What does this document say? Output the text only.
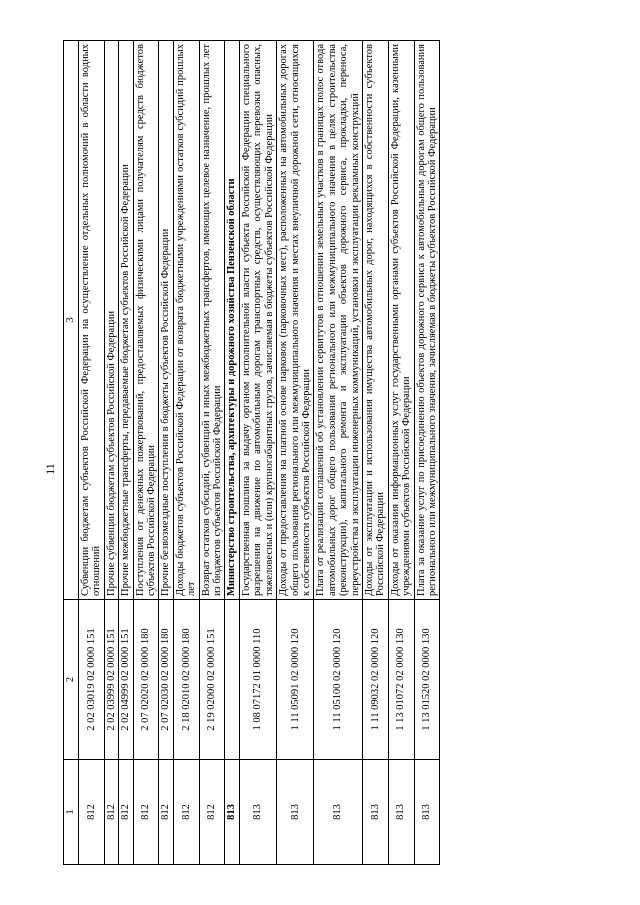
11
1	2	3
812	2 02 03019 02 0000 151	Субвенции бюджетам субъектов Российской Федерации на осуществление отдельных полномочий в области водных отношений
812	2 02 03999 02 0000 151	Прочие субвенции бюджетам субъектов Российской Федерации
812	2 02 04999 02 0000 151	Прочие межбюджетные трансферты, передаваемые бюджетам субъектов Российской Федерации
812	2 07 02020 02 0000 180	Поступления от денежных пожертвований, предоставляемых физическими лицами получателям средств бюджетов субъектов Российской Федерации
812	2 07 02030 02 0000 180	Прочие безвозмездные поступления в бюджеты субъектов Российской Федерации
812	2 18 02010 02 0000 180	Доходы бюджетов субъектов Российской Федерации от возврата бюджетными учреждениями остатков субсидий прошлых лет
812	2 19 02000 02 0000 151	Возврат остатков субсидий, субвенций и иных межбюджетных трансфертов, имеющих целевое назначение, прошлых лет из бюджетов субъектов Российской Федерации
813		Министерство строительства, архитектуры и дорожного хозяйства Пензенской области
813	1 08 07172 01 0000 110	Государственная пошлина за выдачу органом исполнительной власти субъекта Российской Федерации специального разрешения на движение по автомобильным дорогам транспортных средств, осуществляющих перевозки опасных, тяжеловесных и (или) крупногабаритных грузов, зачисляемая в бюджеты субъектов Российской Федерации
813	1 11 05091 02 0000 120	Доходы от предоставления на платной основе парковок (парковочных мест), расположенных на автомобильных дорогах общего пользования регионального или межмуниципального значения и местах внеуличной дорожной сети, относящихся к собственности субъектов Российской Федерации
813	1 11 05100 02 0000 120	Плата от реализации соглашений об установлении сервитутов в отношении земельных участков в границах полос отвода автомобильных дорог общего пользования регионального или межмуниципального значения в целях строительства (реконструкции), капитального ремонта и эксплуатации объектов дорожного сервиса, прокладки, переноса, переустройства и эксплуатации инженерных коммуникаций, установки и эксплуатации рекламных конструкций
813	1 11 09032 02 0000 120	Доходы от эксплуатации и использования имущества автомобильных дорог, находящихся в собственности субъектов Российской Федерации
813	1 13 01072 02 0000 130	Доходы от оказания информационных услуг государственными органами субъектов Российской Федерации, казенными учреждениями субъектов Российской Федерации
813	1 13 01520 02 0000 130	Плата за оказание услуг по присоединению объектов дорожного сервиса к автомобильным дорогам общего пользования регионального или межмуниципального значения, зачисляемая в бюджеты субъектов Российской Федерации
